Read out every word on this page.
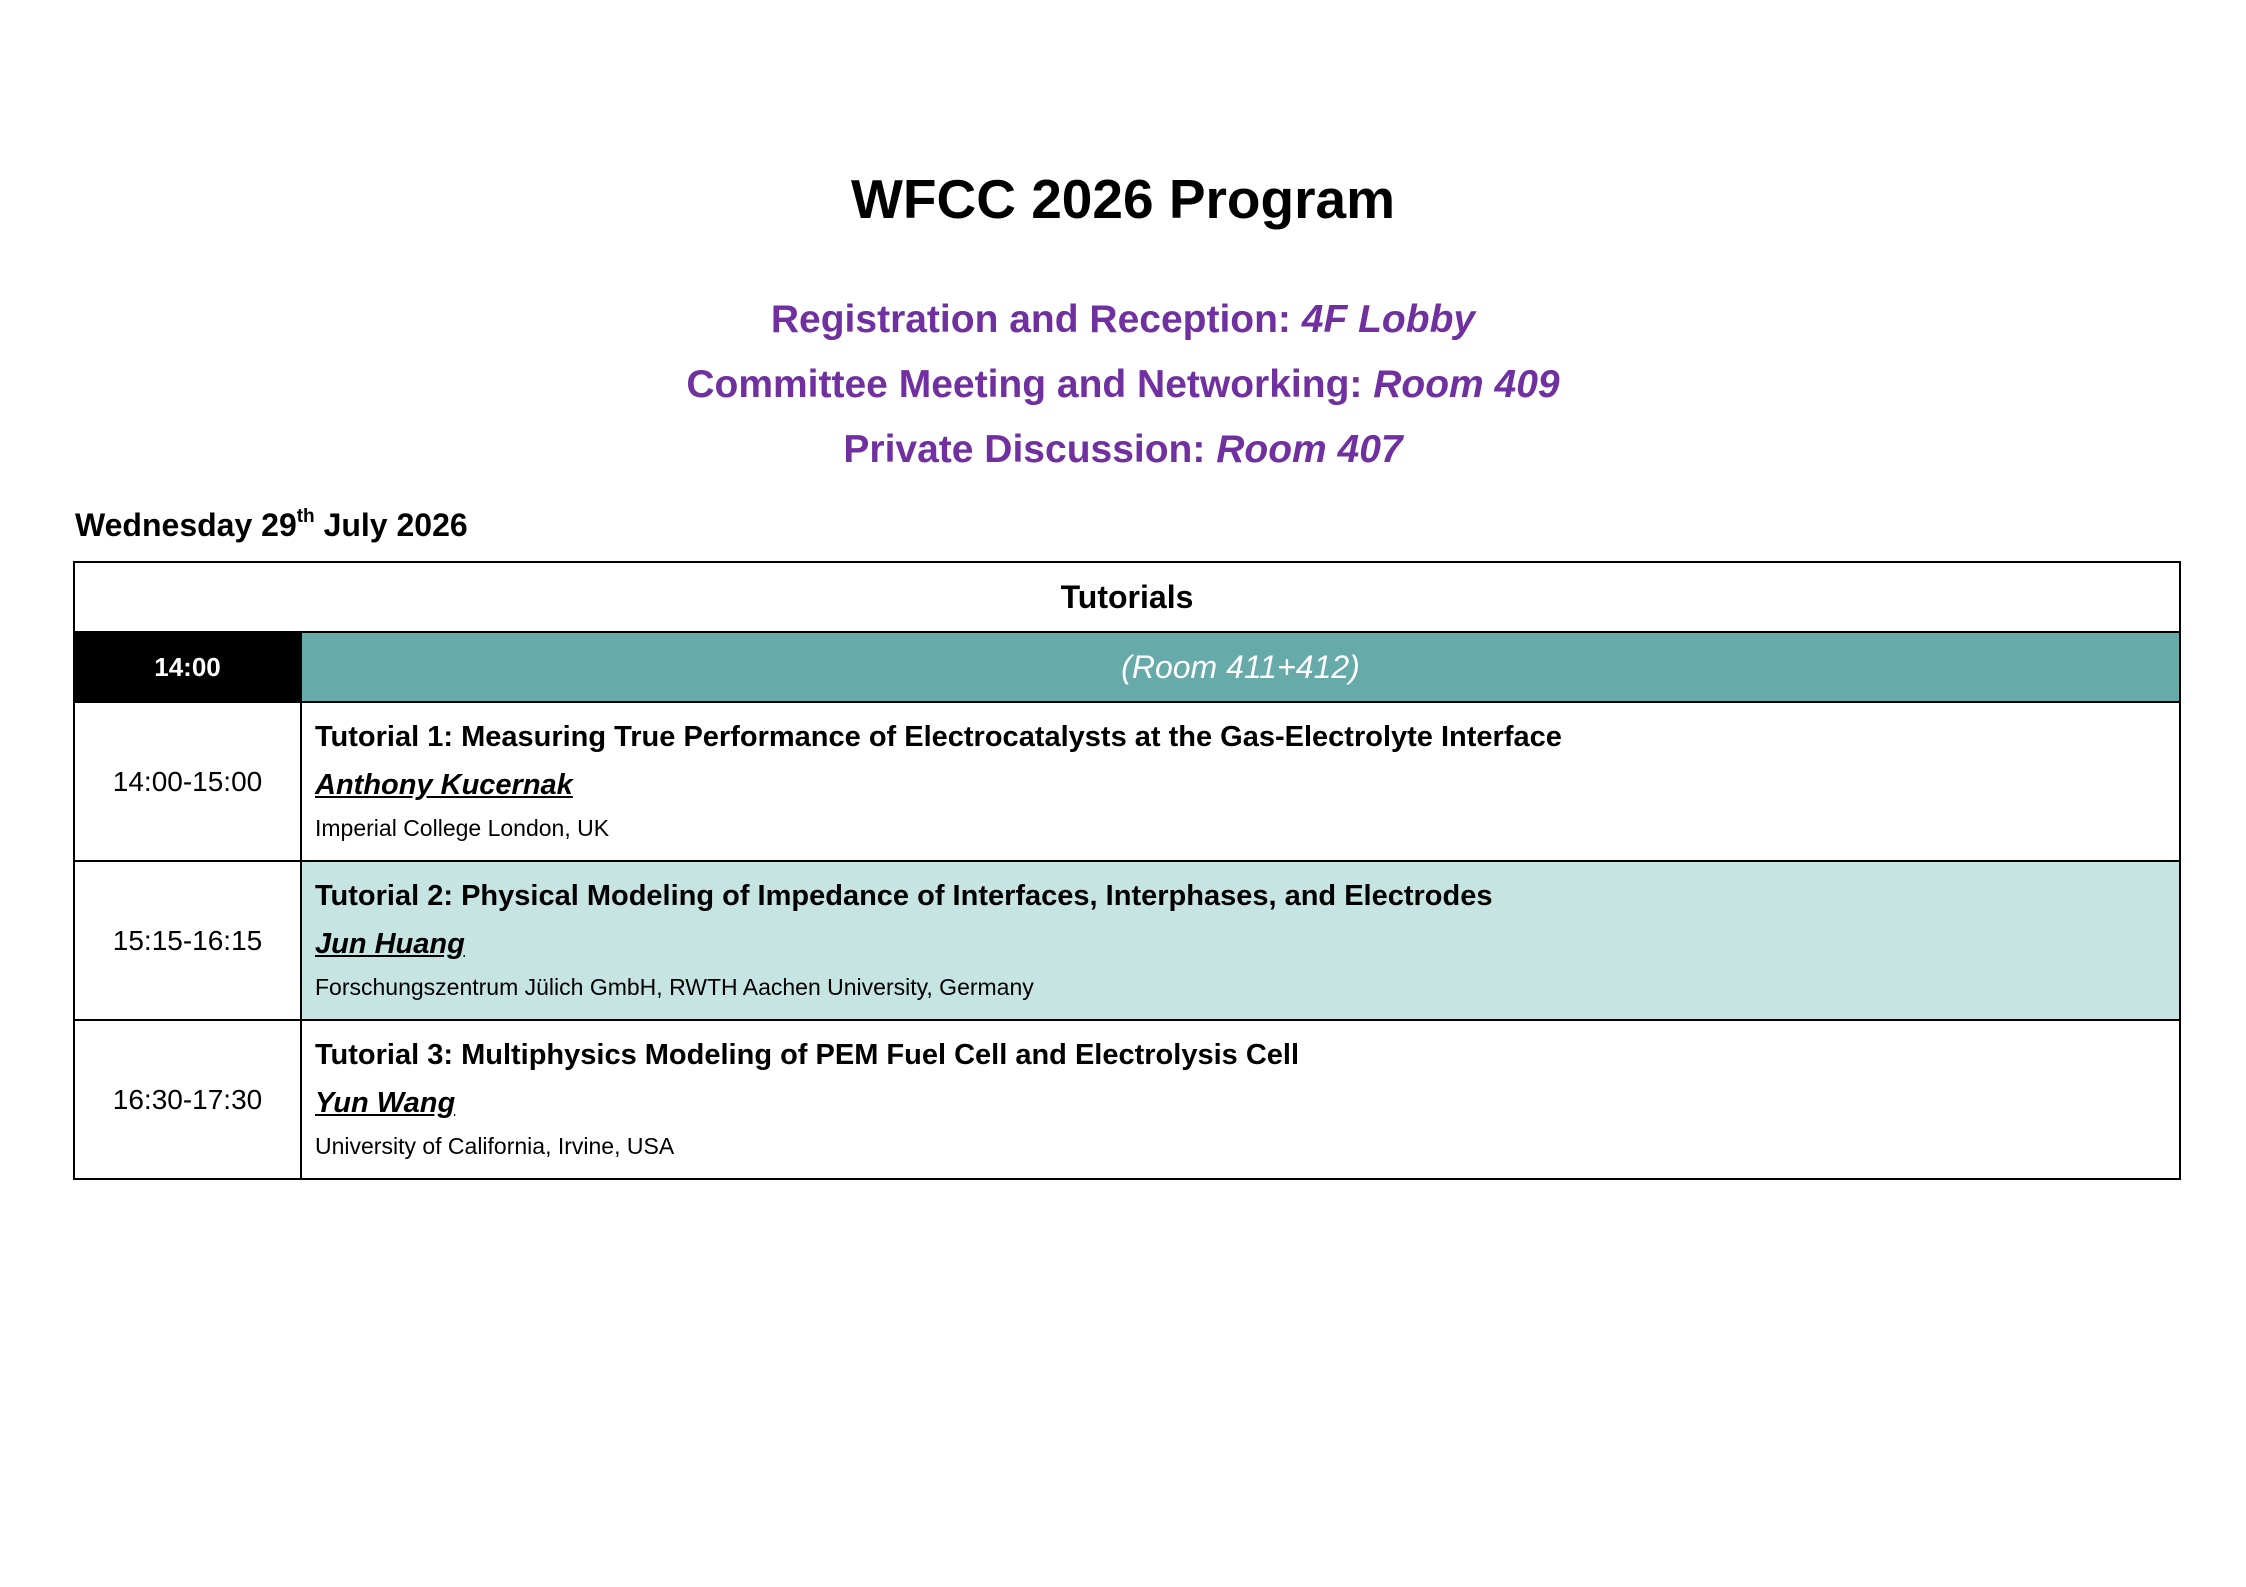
WFCC 2026 Program
Registration and Reception: 4F Lobby
Committee Meeting and Networking: Room 409
Private Discussion: Room 407
Wednesday 29th July 2026
Tutorials	
14:00	(Room 411+412)
14:00-15:00	Tutorial 1: Measuring True Performance of Electrocatalysts at the Gas-Electrolyte Interface
Anthony Kucernak
Imperial College London, UK

15:15-16:15	Tutorial 2: Physical Modeling of Impedance of Interfaces, Interphases, and Electrodes
Jun Huang
Forschungszentrum Jülich GmbH, RWTH Aachen University, Germany

16:30-17:30	Tutorial 3: Multiphysics Modeling of PEM Fuel Cell and Electrolysis Cell
Yun Wang
University of California, Irvine, USA
